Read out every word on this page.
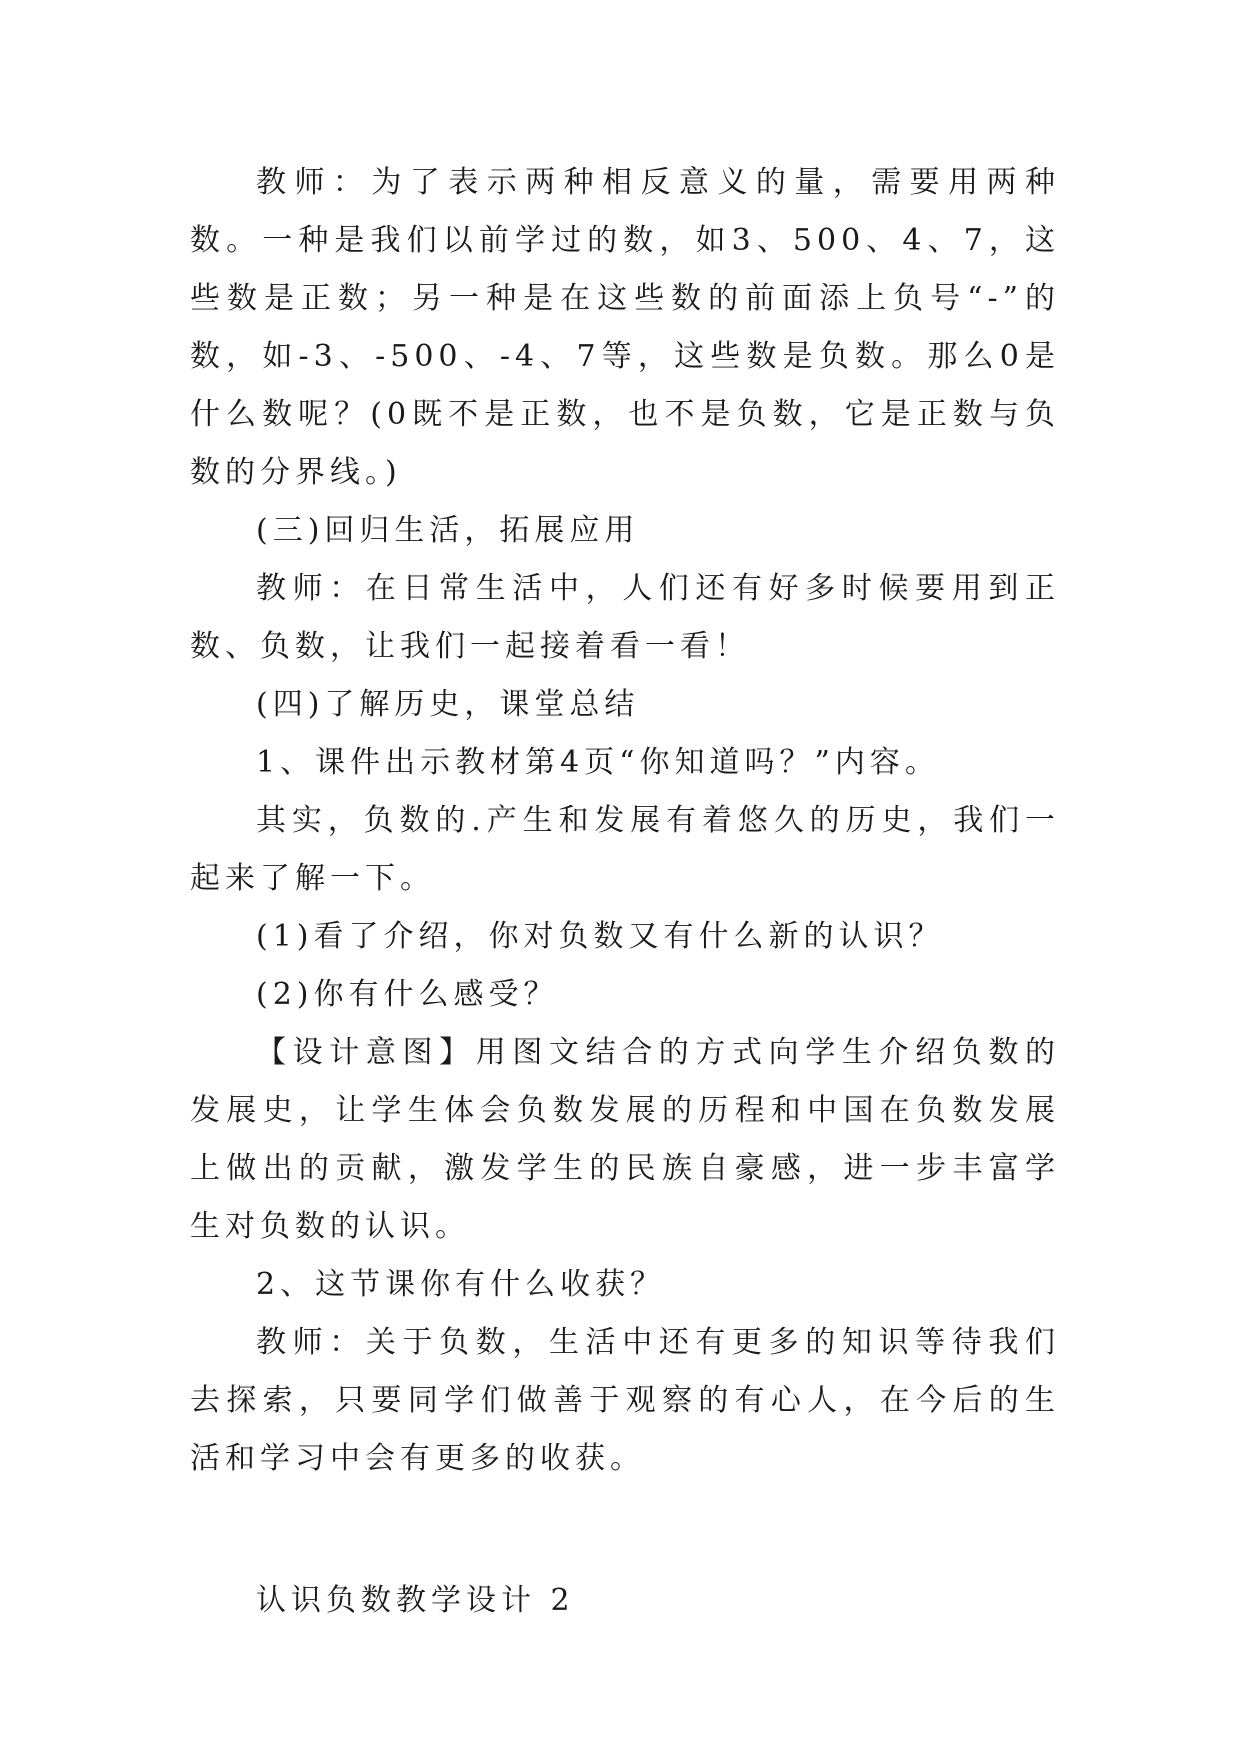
教师：为了表示两种相反意义的量，需要用两种数。一种是我们以前学过的数，如3、500、4、7，这些数是正数；另一种是在这些数的前面添上负号“-”的数，如-3、-500、-4、7等，这些数是负数。那么0是什么数呢？(0既不是正数，也不是负数，它是正数与负数的分界线。)

(三)回归生活，拓展应用

教师：在日常生活中，人们还有好多时候要用到正数、负数，让我们一起接着看一看！

(四)了解历史，课堂总结

1、课件出示教材第4页“你知道吗？”内容。

其实，负数的.产生和发展有着悠久的历史，我们一起来了解一下。

(1)看了介绍，你对负数又有什么新的认识？

(2)你有什么感受？

【设计意图】用图文结合的方式向学生介绍负数的发展史，让学生体会负数发展的历程和中国在负数发展上做出的贡献，激发学生的民族自豪感，进一步丰富学生对负数的认识。

2、这节课你有什么收获？

教师：关于负数，生活中还有更多的知识等待我们去探索，只要同学们做善于观察的有心人，在今后的生活和学习中会有更多的收获。

认识负数教学设计 2
